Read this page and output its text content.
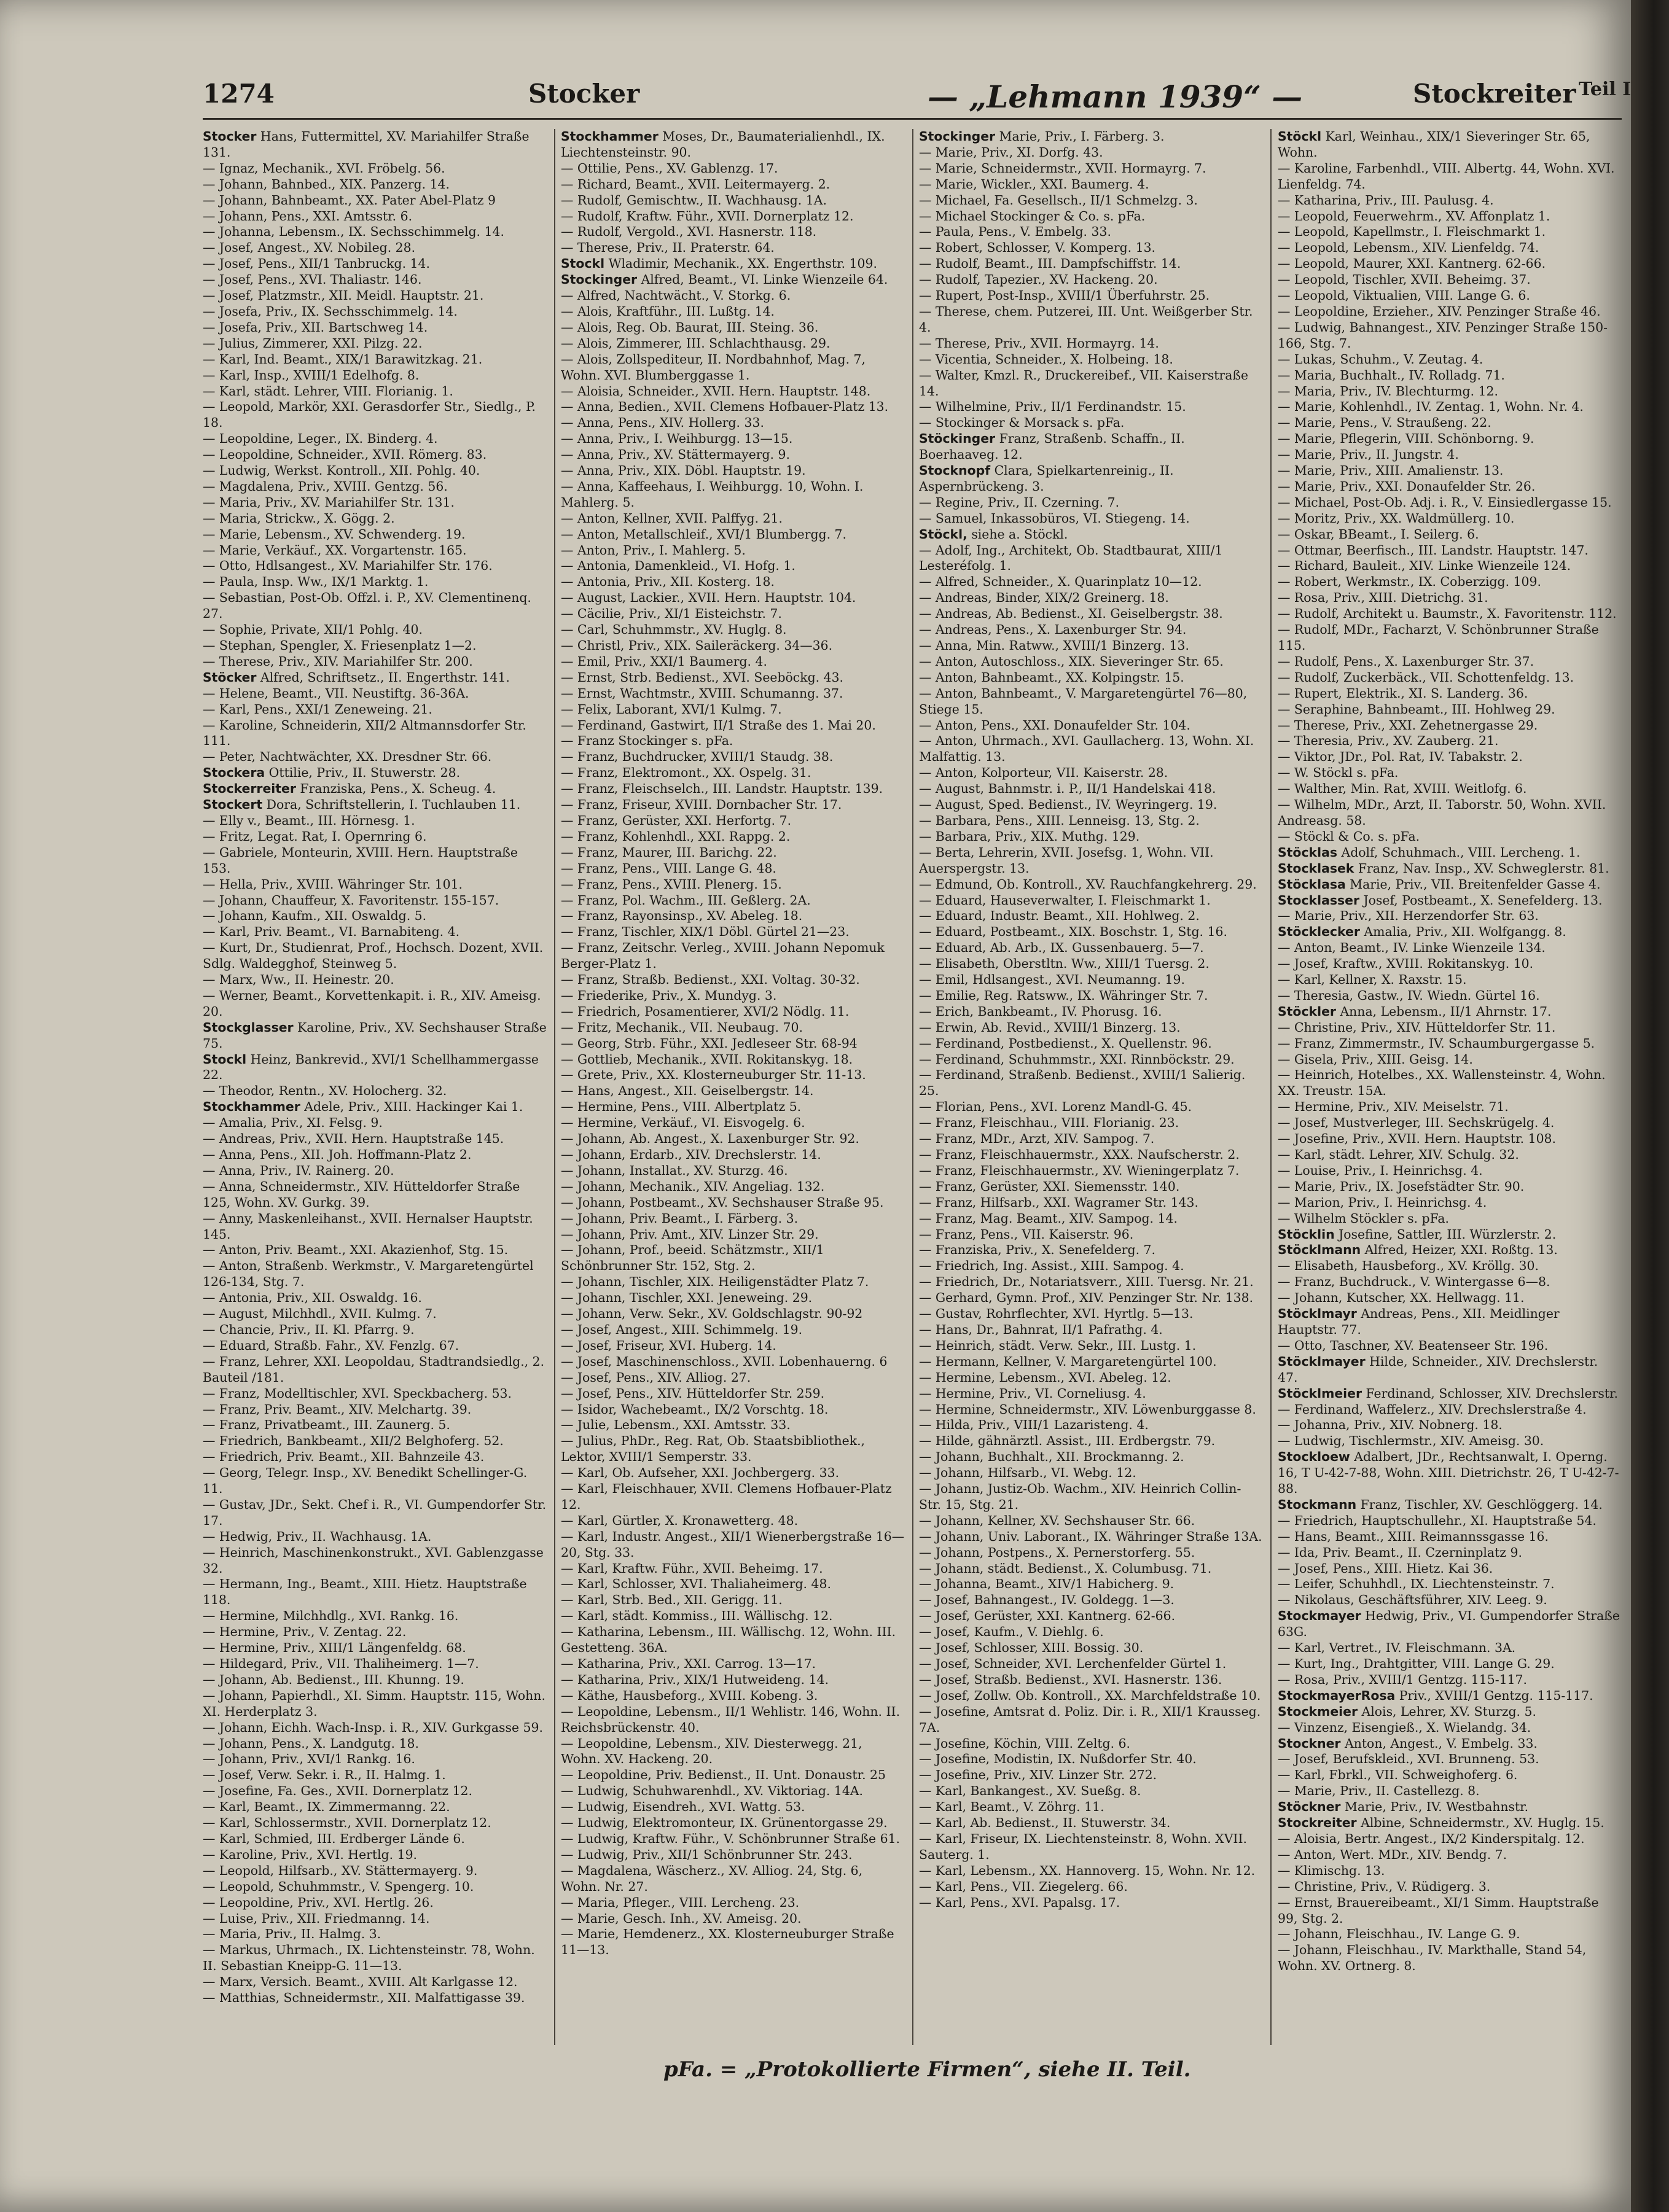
1274	Stocker	— „Lehmann 1939“ —	Stockreiter Teil I

Stocker Hans, Futtermittel, XV. Mariahilfer Straße 131.

— Ignaz, Mechanik., XVI. Fröbelg. 56.

— Johann, Bahnbed., XIX. Panzerg. 14.

— Johann, Bahnbeamt., XX. Pater Abel-Platz 9

— Johann, Pens., XXI. Amtsstr. 6.

— Johanna, Lebensm., IX. Sechsschimmelg. 14.

— Josef, Angest., XV. Nobileg. 28.

— Josef, Pens., XII/1 Tanbruckg. 14.

— Josef, Pens., XVI. Thaliastr. 146.

— Josef, Platzmstr., XII. Meidl. Hauptstr. 21.

— Josefa, Priv., IX. Sechsschimmelg. 14.

— Josefa, Priv., XII. Bartschweg 14.

— Julius, Zimmerer, XXI. Pilzg. 22.

— Karl, Ind. Beamt., XIX/1 Barawitzkag. 21.

— Karl, Insp., XVIII/1 Edelhofg. 8.

— Karl, städt. Lehrer, VIII. Florianig. 1.

— Leopold, Markör, XXI. Gerasdorfer Str., Siedlg., P. 18.

— Leopoldine, Leger., IX. Binderg. 4.

— Leopoldine, Schneider., XVII. Römerg. 83.

— Ludwig, Werkst. Kontroll., XII. Pohlg. 40.

— Magdalena, Priv., XVIII. Gentzg. 56.

— Maria, Priv., XV. Mariahilfer Str. 131.

— Maria, Strickw., X. Gögg. 2.

— Marie, Lebensm., XV. Schwenderg. 19.

— Marie, Verkäuf., XX. Vorgartenstr. 165.

— Otto, Hdlsangest., XV. Mariahilfer Str. 176.

— Paula, Insp. Ww., IX/1 Marktg. 1.

— Sebastian, Post-Ob. Offzl. i. P., XV. Clementinenq. 27.

— Sophie, Private, XII/1 Pohlg. 40.

— Stephan, Spengler, X. Friesenplatz 1—2.

— Therese, Priv., XIV. Mariahilfer Str. 200.

Stöcker Alfred, Schriftsetz., II. Engerthstr. 141.

— Helene, Beamt., VII. Neustiftg. 36-36A.

— Karl, Pens., XXI/1 Zeneweing. 21.

— Karoline, Schneiderin, XII/2 Altmannsdorfer Str. 111.

— Peter, Nachtwächter, XX. Dresdner Str. 66.

Stockera Ottilie, Priv., II. Stuwerstr. 28.

Stockerreiter Franziska, Pens., X. Scheug. 4.

Stockert Dora, Schriftstellerin, I. Tuchlauben 11.

— Elly v., Beamt., III. Hörnesg. 1.

— Fritz, Legat. Rat, I. Opernring 6.

— Gabriele, Monteurin, XVIII. Hern. Hauptstraße 153.

— Hella, Priv., XVIII. Währinger Str. 101.

— Johann, Chauffeur, X. Favoritenstr. 155-157.

— Johann, Kaufm., XII. Oswaldg. 5.

— Karl, Priv. Beamt., VI. Barnabiteng. 4.

— Kurt, Dr., Studienrat, Prof., Hochsch. Dozent, XVII. Sdlg. Waldegghof, Steinweg 5.

— Marx, Ww., II. Heinestr. 20.

— Werner, Beamt., Korvettenkapit. i. R., XIV. Ameisg. 20.

Stockglasser Karoline, Priv., XV. Sechshauser Straße 75.

Stockl Heinz, Bankrevid., XVI/1 Schellhammergasse 22.

— Theodor, Rentn., XV. Holocherg. 32.

Stockhammer Adele, Priv., XIII. Hackinger Kai 1.

— Amalia, Priv., XI. Felsg. 9.

— Andreas, Priv., XVII. Hern. Hauptstraße 145.

— Anna, Pens., XII. Joh. Hoffmann-Platz 2.

— Anna, Priv., IV. Rainerg. 20.

— Anna, Schneidermstr., XIV. Hütteldorfer Straße 125, Wohn. XV. Gurkg. 39.

— Anny, Maskenleihanst., XVII. Hernalser Hauptstr. 145.

— Anton, Priv. Beamt., XXI. Akazienhof, Stg. 15.

— Anton, Straßenb. Werkmstr., V. Margaretengürtel 126-134, Stg. 7.

— Antonia, Priv., XII. Oswaldg. 16.

— August, Milchhdl., XVII. Kulmg. 7.

— Chancie, Priv., II. Kl. Pfarrg. 9.

— Eduard, Straßb. Fahr., XV. Fenzlg. 67.

— Franz, Lehrer, XXI. Leopoldau, Stadtrandsiedlg., 2. Bauteil /181.

— Franz, Modelltischler, XVI. Speckbacherg. 53.

— Franz, Priv. Beamt., XIV. Melchartg. 39.

— Franz, Privatbeamt., III. Zaunerg. 5.

— Friedrich, Bankbeamt., XII/2 Belghoferg. 52.

— Friedrich, Priv. Beamt., XII. Bahnzeile 43.

— Georg, Telegr. Insp., XV. Benedikt Schellinger-G. 11.

— Gustav, JDr., Sekt. Chef i. R., VI. Gumpendorfer Str. 17.

— Hedwig, Priv., II. Wachhausg. 1A.

— Heinrich, Maschinenkonstrukt., XVI. Gablenzgasse 32.

— Hermann, Ing., Beamt., XIII. Hietz. Hauptstraße 118.

— Hermine, Milchhdlg., XVI. Rankg. 16.

— Hermine, Priv., V. Zentag. 22.

— Hermine, Priv., XIII/1 Längenfeldg. 68.

— Hildegard, Priv., VII. Thaliheimerg. 1—7.

— Johann, Ab. Bedienst., III. Khunng. 19.

— Johann, Papierhdl., XI. Simm. Hauptstr. 115, Wohn. XI. Herderplatz 3.

— Johann, Eichh. Wach-Insp. i. R., XIV. Gurkgasse 59.

— Johann, Pens., X. Landgutg. 18.

— Johann, Priv., XVI/1 Rankg. 16.

— Josef, Verw. Sekr. i. R., II. Halmg. 1.

— Josefine, Fa. Ges., XVII. Dornerplatz 12.

— Karl, Beamt., IX. Zimmermanng. 22.

— Karl, Schlossermstr., XVII. Dornerplatz 12.

— Karl, Schmied, III. Erdberger Lände 6.

— Karoline, Priv., XVI. Hertlg. 19.

— Leopold, Hilfsarb., XV. Stättermayerg. 9.

— Leopold, Schuhmmstr., V. Spengerg. 10.

— Leopoldine, Priv., XVI. Hertlg. 26.

— Luise, Priv., XII. Friedmanng. 14.

— Maria, Priv., II. Halmg. 3.

— Markus, Uhrmach., IX. Lichtensteinstr. 78, Wohn. II. Sebastian Kneipp-G. 11—13.

— Marx, Versich. Beamt., XVIII. Alt Karlgasse 12.

— Matthias, Schneidermstr., XII. Malfattigasse 39.

Stockhammer Moses, Dr., Baumaterialienhdl., IX. Liechtensteinstr. 90.

— Ottilie, Pens., XV. Gablenzg. 17.

— Richard, Beamt., XVII. Leitermayerg. 2.

— Rudolf, Gemischtw., II. Wachhausg. 1A.

— Rudolf, Kraftw. Führ., XVII. Dornerplatz 12.

— Rudolf, Vergold., XVI. Hasnerstr. 118.

— Therese, Priv., II. Praterstr. 64.

Stockl Wladimir, Mechanik., XX. Engerthstr. 109.

Stockinger Alfred, Beamt., VI. Linke Wienzeile 64.

— Alfred, Nachtwächt., V. Storkg. 6.

— Alois, Kraftführ., III. Lußtg. 14.

— Alois, Reg. Ob. Baurat, III. Steing. 36.

— Alois, Zimmerer, III. Schlachthausg. 29.

— Alois, Zollspediteur, II. Nordbahnhof, Mag. 7, Wohn. XVI. Blumberggasse 1.

— Aloisia, Schneider., XVII. Hern. Hauptstr. 148.

— Anna, Bedien., XVII. Clemens Hofbauer-Platz 13.

— Anna, Pens., XIV. Hollerg. 33.

— Anna, Priv., I. Weihburgg. 13—15.

— Anna, Priv., XV. Stättermayerg. 9.

— Anna, Priv., XIX. Döbl. Hauptstr. 19.

— Anna, Kaffeehaus, I. Weihburgg. 10, Wohn. I. Mahlerg. 5.

— Anton, Kellner, XVII. Palffyg. 21.

— Anton, Metallschleif., XVI/1 Blumbergg. 7.

— Anton, Priv., I. Mahlerg. 5.

— Antonia, Damenkleid., VI. Hofg. 1.

— Antonia, Priv., XII. Kosterg. 18.

— August, Lackier., XVII. Hern. Hauptstr. 104.

— Cäcilie, Priv., XI/1 Eisteichstr. 7.

— Carl, Schuhmmstr., XV. Huglg. 8.

— Christl, Priv., XIX. Saileräckerg. 34—36.

— Emil, Priv., XXI/1 Baumerg. 4.

— Ernst, Strb. Bedienst., XVI. Seeböckg. 43.

— Ernst, Wachtmstr., XVIII. Schumanng. 37.

— Felix, Laborant, XVI/1 Kulmg. 7.

— Ferdinand, Gastwirt, II/1 Straße des 1. Mai 20.

— Franz Stockinger s. pFa.

— Franz, Buchdrucker, XVIII/1 Staudg. 38.

— Franz, Elektromont., XX. Ospelg. 31.

— Franz, Fleischselch., III. Landstr. Hauptstr. 139.

— Franz, Friseur, XVIII. Dornbacher Str. 17.

— Franz, Gerüster, XXI. Herfortg. 7.

— Franz, Kohlenhdl., XXI. Rappg. 2.

— Franz, Maurer, III. Barichg. 22.

— Franz, Pens., VIII. Lange G. 48.

— Franz, Pens., XVIII. Plenerg. 15.

— Franz, Pol. Wachm., III. Geßlerg. 2A.

— Franz, Rayonsinsp., XV. Abeleg. 18.

— Franz, Tischler, XIX/1 Döbl. Gürtel 21—23.

— Franz, Zeitschr. Verleg., XVIII. Johann Nepomuk Berger-Platz 1.

— Franz, Straßb. Bedienst., XXI. Voltag. 30-32.

— Friederike, Priv., X. Mundyg. 3.

— Friedrich, Posamentierer, XVI/2 Nödlg. 11.

— Fritz, Mechanik., VII. Neubaug. 70.

— Georg, Strb. Führ., XXI. Jedleseer Str. 68-94

— Gottlieb, Mechanik., XVII. Rokitanskyg. 18.

— Grete, Priv., XX. Klosterneuburger Str. 11-13.

— Hans, Angest., XII. Geiselbergstr. 14.

— Hermine, Pens., VIII. Albertplatz 5.

— Hermine, Verkäuf., VI. Eisvogelg. 6.

— Johann, Ab. Angest., X. Laxenburger Str. 92.

— Johann, Erdarb., XIV. Drechslerstr. 14.

— Johann, Installat., XV. Sturzg. 46.

— Johann, Mechanik., XIV. Angeliag. 132.

— Johann, Postbeamt., XV. Sechshauser Straße 95.

— Johann, Priv. Beamt., I. Färberg. 3.

— Johann, Priv. Amt., XIV. Linzer Str. 29.

— Johann, Prof., beeid. Schätzmstr., XII/1 Schönbrunner Str. 152, Stg. 2.

— Johann, Tischler, XIX. Heiligenstädter Platz 7.

— Johann, Tischler, XXI. Jeneweing. 29.

— Johann, Verw. Sekr., XV. Goldschlagstr. 90-92

— Josef, Angest., XIII. Schimmelg. 19.

— Josef, Friseur, XVI. Huberg. 14.

— Josef, Maschinenschloss., XVII. Lobenhauerng. 6

— Josef, Pens., XIV. Alliog. 27.

— Josef, Pens., XIV. Hütteldorfer Str. 259.

— Isidor, Wachebeamt., IX/2 Vorschtg. 18.

— Julie, Lebensm., XXI. Amtsstr. 33.

— Julius, PhDr., Reg. Rat, Ob. Staatsbibliothek., Lektor, XVIII/1 Semperstr. 33.

— Karl, Ob. Aufseher, XXI. Jochbergerg. 33.

— Karl, Fleischhauer, XVII. Clemens Hofbauer-Platz 12.

— Karl, Gürtler, X. Kronawetterg. 48.

— Karl, Industr. Angest., XII/1 Wienerbergstraße 16—20, Stg. 33.

— Karl, Kraftw. Führ., XVII. Beheimg. 17.

— Karl, Schlosser, XVI. Thaliaheimerg. 48.

— Karl, Strb. Bed., XII. Gerigg. 11.

— Karl, städt. Kommiss., III. Wällischg. 12.

— Katharina, Lebensm., III. Wällischg. 12, Wohn. III. Gestetteng. 36A.

— Katharina, Priv., XXI. Carrog. 13—17.

— Katharina, Priv., XIX/1 Hutweideng. 14.

— Käthe, Hausbeforg., XVIII. Kobeng. 3.

— Leopoldine, Lebensm., II/1 Wehlistr. 146, Wohn. II. Reichsbrückenstr. 40.

— Leopoldine, Lebensm., XIV. Diesterwegg. 21, Wohn. XV. Hackeng. 20.

— Leopoldine, Priv. Bedienst., II. Unt. Donaustr. 25

— Ludwig, Schuhwarenhdl., XV. Viktoriag. 14A.

— Ludwig, Eisendreh., XVI. Wattg. 53.

— Ludwig, Elektromonteur, IX. Grünentorgasse 29.

— Ludwig, Kraftw. Führ., V. Schönbrunner Straße 61.

— Ludwig, Priv., XII/1 Schönbrunner Str. 243.

— Magdalena, Wäscherz., XV. Alliog. 24, Stg. 6, Wohn. Nr. 27.

— Maria, Pfleger., VIII. Lercheng. 23.

— Marie, Gesch. Inh., XV. Ameisg. 20.

— Marie, Hemdenerz., XX. Klosterneuburger Straße 11—13.

Stockinger Marie, Priv., I. Färberg. 3.

— Marie, Priv., XI. Dorfg. 43.

— Marie, Schneidermstr., XVII. Hormayrg. 7.

— Marie, Wickler., XXI. Baumerg. 4.

— Michael, Fa. Gesellsch., II/1 Schmelzg. 3.

— Michael Stockinger & Co. s. pFa.

— Paula, Pens., V. Embelg. 33.

— Robert, Schlosser, V. Komperg. 13.

— Rudolf, Beamt., III. Dampfschiffstr. 14.

— Rudolf, Tapezier., XV. Hackeng. 20.

— Rupert, Post-Insp., XVIII/1 Überfuhrstr. 25.

— Therese, chem. Putzerei, III. Unt. Weißgerber Str. 4.

— Therese, Priv., XVII. Hormayrg. 14.

— Vicentia, Schneider., X. Holbeing. 18.

— Walter, Kmzl. R., Druckereibef., VII. Kaiserstraße 14.

— Wilhelmine, Priv., II/1 Ferdinandstr. 15.

— Stockinger & Morsack s. pFa.

Stöckinger Franz, Straßenb. Schaffn., II. Boerhaaveg. 12.

Stocknopf Clara, Spielkartenreinig., II. Aspernbrückeng. 3.

— Regine, Priv., II. Czerning. 7.

— Samuel, Inkassobüros, VI. Stiegeng. 14.

Stöckl, siehe a. Stöckl.

— Adolf, Ing., Architekt, Ob. Stadtbaurat, XIII/1 Lesteréfolg. 1.

— Alfred, Schneider., X. Quarinplatz 10—12.

— Andreas, Binder, XIX/2 Greinerg. 18.

— Andreas, Ab. Bedienst., XI. Geiselbergstr. 38.

— Andreas, Pens., X. Laxenburger Str. 94.

— Anna, Min. Ratww., XVIII/1 Binzerg. 13.

— Anton, Autoschloss., XIX. Sieveringer Str. 65.

— Anton, Bahnbeamt., XX. Kolpingstr. 15.

— Anton, Bahnbeamt., V. Margaretengürtel 76—80, Stiege 15.

— Anton, Pens., XXI. Donaufelder Str. 104.

— Anton, Uhrmach., XVI. Gaullacherg. 13, Wohn. XI. Malfattig. 13.

— Anton, Kolporteur, VII. Kaiserstr. 28.

— August, Bahnmstr. i. P., II/1 Handelskai 418.

— August, Sped. Bedienst., IV. Weyringerg. 19.

— Barbara, Pens., XIII. Lenneisg. 13, Stg. 2.

— Barbara, Priv., XIX. Muthg. 129.

— Berta, Lehrerin, XVII. Josefsg. 1, Wohn. VII. Auerspergstr. 13.

— Edmund, Ob. Kontroll., XV. Rauchfangkehrerg. 29.

— Eduard, Hauseverwalter, I. Fleischmarkt 1.

— Eduard, Industr. Beamt., XII. Hohlweg. 2.

— Eduard, Postbeamt., XIX. Boschstr. 1, Stg. 16.

— Eduard, Ab. Arb., IX. Gussenbauerg. 5—7.

— Elisabeth, Oberstltn. Ww., XIII/1 Tuersg. 2.

— Emil, Hdlsangest., XVI. Neumanng. 19.

— Emilie, Reg. Ratsww., IX. Währinger Str. 7.

— Erich, Bankbeamt., IV. Phorusg. 16.

— Erwin, Ab. Revid., XVIII/1 Binzerg. 13.

— Ferdinand, Postbedienst., X. Quellenstr. 96.

— Ferdinand, Schuhmmstr., XXI. Rinnböckstr. 29.

— Ferdinand, Straßenb. Bedienst., XVIII/1 Salierig. 25.

— Florian, Pens., XVI. Lorenz Mandl-G. 45.

— Franz, Fleischhau., VIII. Florianig. 23.

— Franz, MDr., Arzt, XIV. Sampog. 7.

— Franz, Fleischhauermstr., XXX. Naufscherstr. 2.

— Franz, Fleischhauermstr., XV. Wieningerplatz 7.

— Franz, Gerüster, XXI. Siemensstr. 140.

— Franz, Hilfsarb., XXI. Wagramer Str. 143.

— Franz, Mag. Beamt., XIV. Sampog. 14.

— Franz, Pens., VII. Kaiserstr. 96.

— Franziska, Priv., X. Senefelderg. 7.

— Friedrich, Ing. Assist., XIII. Sampog. 4.

— Friedrich, Dr., Notariatsverr., XIII. Tuersg. Nr. 21.

— Gerhard, Gymn. Prof., XIV. Penzinger Str. Nr. 138.

— Gustav, Rohrflechter, XVI. Hyrtlg. 5—13.

— Hans, Dr., Bahnrat, II/1 Pafrathg. 4.

— Heinrich, städt. Verw. Sekr., III. Lustg. 1.

— Hermann, Kellner, V. Margaretengürtel 100.

— Hermine, Lebensm., XVI. Abeleg. 12.

— Hermine, Priv., VI. Corneliusg. 4.

— Hermine, Schneidermstr., XIV. Löwenburggasse 8.

— Hilda, Priv., VIII/1 Lazaristeng. 4.

— Hilde, gähnärztl. Assist., III. Erdbergstr. 79.

— Johann, Buchhalt., XII. Brockmanng. 2.

— Johann, Hilfsarb., VI. Webg. 12.

— Johann, Justiz-Ob. Wachm., XIV. Heinrich Collin-Str. 15, Stg. 21.

— Johann, Kellner, XV. Sechshauser Str. 66.

— Johann, Univ. Laborant., IX. Währinger Straße 13A.

— Johann, Postpens., X. Pernerstorferg. 55.

— Johann, städt. Bedienst., X. Columbusg. 71.

— Johanna, Beamt., XIV/1 Habicherg. 9.

— Josef, Bahnangest., IV. Goldegg. 1—3.

— Josef, Gerüster, XXI. Kantnerg. 62-66.

— Josef, Kaufm., V. Diehlg. 6.

— Josef, Schlosser, XIII. Bossig. 30.

— Josef, Schneider, XVI. Lerchenfelder Gürtel 1.

— Josef, Straßb. Bedienst., XVI. Hasnerstr. 136.

— Josef, Zollw. Ob. Kontroll., XX. Marchfeldstraße 10.

— Josefine, Amtsrat d. Poliz. Dir. i. R., XII/1 Krausseg. 7A.

— Josefine, Köchin, VIII. Zeltg. 6.

— Josefine, Modistin, IX. Nußdorfer Str. 40.

— Josefine, Priv., XIV. Linzer Str. 272.

— Karl, Bankangest., XV. Sueßg. 8.

— Karl, Beamt., V. Zöhrg. 11.

— Karl, Ab. Bedienst., II. Stuwerstr. 34.

— Karl, Friseur, IX. Liechtensteinstr. 8, Wohn. XVII. Sauterg. 1.

— Karl, Lebensm., XX. Hannoverg. 15, Wohn. Nr. 12.

— Karl, Pens., VII. Ziegelerg. 66.

— Karl, Pens., XVI. Papalsg. 17.

Stöckl Karl, Weinhau., XIX/1 Sieveringer Str. 65, Wohn.

— Karoline, Farbenhdl., VIII. Albertg. 44, Wohn. XVI. Lienfeldg. 74.

— Katharina, Priv., III. Paulusg. 4.

— Leopold, Feuerwehrm., XV. Affonplatz 1.

— Leopold, Kapellmstr., I. Fleischmarkt 1.

— Leopold, Lebensm., XIV. Lienfeldg. 74.

— Leopold, Maurer, XXI. Kantnerg. 62-66.

— Leopold, Tischler, XVII. Beheimg. 37.

— Leopold, Viktualien, VIII. Lange G. 6.

— Leopoldine, Erzieher., XIV. Penzinger Straße 46.

— Ludwig, Bahnangest., XIV. Penzinger Straße 150-166, Stg. 7.

— Lukas, Schuhm., V. Zeutag. 4.

— Maria, Buchhalt., IV. Rolladg. 71.

— Maria, Priv., IV. Blechturmg. 12.

— Marie, Kohlenhdl., IV. Zentag. 1, Wohn. Nr. 4.

— Marie, Pens., V. Straußeng. 22.

— Marie, Pflegerin, VIII. Schönborng. 9.

— Marie, Priv., II. Jungstr. 4.

— Marie, Priv., XIII. Amalienstr. 13.

— Marie, Priv., XXI. Donaufelder Str. 26.

— Michael, Post-Ob. Adj. i. R., V. Einsiedlergasse 15.

— Moritz, Priv., XX. Waldmüllerg. 10.

— Oskar, BBeamt., I. Seilerg. 6.

— Ottmar, Beerfisch., III. Landstr. Hauptstr. 147.

— Richard, Bauleit., XIV. Linke Wienzeile 124.

— Robert, Werkmstr., IX. Coberzigg. 109.

— Rosa, Priv., XIII. Dietrichg. 31.

— Rudolf, Architekt u. Baumstr., X. Favoritenstr. 112.

— Rudolf, MDr., Facharzt, V. Schönbrunner Straße 115.

— Rudolf, Pens., X. Laxenburger Str. 37.

— Rudolf, Zuckerbäck., VII. Schottenfeldg. 13.

— Rupert, Elektrik., XI. S. Landerg. 36.

— Seraphine, Bahnbeamt., III. Hohlweg 29.

— Therese, Priv., XXI. Zehetnergasse 29.

— Theresia, Priv., XV. Zauberg. 21.

— Viktor, JDr., Pol. Rat, IV. Tabakstr. 2.

— W. Stöckl s. pFa.

— Walther, Min. Rat, XVIII. Weitlofg. 6.

— Wilhelm, MDr., Arzt, II. Taborstr. 50, Wohn. XVII. Andreasg. 58.

— Stöckl & Co. s. pFa.

Stöcklas Adolf, Schuhmach., VIII. Lercheng. 1.

Stocklasek Franz, Nav. Insp., XV. Schweglerstr. 81.

Stöcklasa Marie, Priv., VII. Breitenfelder Gasse 4.

Stocklasser Josef, Postbeamt., X. Senefelderg. 13.

— Marie, Priv., XII. Herzendorfer Str. 63.

Stöcklecker Amalia, Priv., XII. Wolfgangg. 8.

— Anton, Beamt., IV. Linke Wienzeile 134.

— Josef, Kraftw., XVIII. Rokitanskyg. 10.

— Karl, Kellner, X. Raxstr. 15.

— Theresia, Gastw., IV. Wiedn. Gürtel 16.

Stöckler Anna, Lebensm., II/1 Ahrnstr. 17.

— Christine, Priv., XIV. Hütteldorfer Str. 11.

— Franz, Zimmermstr., IV. Schaumburgergasse 5.

— Gisela, Priv., XIII. Geisg. 14.

— Heinrich, Hotelbes., XX. Wallensteinstr. 4, Wohn. XX. Treustr. 15A.

— Hermine, Priv., XIV. Meiselstr. 71.

— Josef, Mustverleger, III. Sechskrügelg. 4.

— Josefine, Priv., XVII. Hern. Hauptstr. 108.

— Karl, städt. Lehrer, XIV. Schulg. 32.

— Louise, Priv., I. Heinrichsg. 4.

— Marie, Priv., IX. Josefstädter Str. 90.

— Marion, Priv., I. Heinrichsg. 4.

— Wilhelm Stöckler s. pFa.

Stöcklin Josefine, Sattler, III. Würzlerstr. 2.

Stöcklmann Alfred, Heizer, XXI. Roßtg. 13.

— Elisabeth, Hausbeforg., XV. Kröllg. 30.

— Franz, Buchdruck., V. Wintergasse 6—8.

— Johann, Kutscher, XX. Hellwagg. 11.

Stöcklmayr Andreas, Pens., XII. Meidlinger Hauptstr. 77.

— Otto, Taschner, XV. Beatenseer Str. 196.

Stöcklmayer Hilde, Schneider., XIV. Drechslerstr. 47.

Stöcklmeier Ferdinand, Schlosser, XIV. Drechslerstr.

— Ferdinand, Waffelerz., XIV. Drechslerstraße 4.

— Johanna, Priv., XIV. Nobnerg. 18.

— Ludwig, Tischlermstr., XIV. Ameisg. 30.

Stockloew Adalbert, JDr., Rechtsanwalt, I. Operng. 16, T U-42-7-88, Wohn. XIII. Dietrichstr. 26, T U-42-7-88.

Stockmann Franz, Tischler, XV. Geschlöggerg. 14.

— Friedrich, Hauptschullehr., XI. Hauptstraße 54.

— Hans, Beamt., XIII. Reimannssgasse 16.

— Ida, Priv. Beamt., II. Czerninplatz 9.

— Josef, Pens., XIII. Hietz. Kai 36.

— Leifer, Schuhhdl., IX. Liechtensteinstr. 7.

— Nikolaus, Geschäftsführer, XIV. Leeg. 9.

Stockmayer Hedwig, Priv., VI. Gumpendorfer Straße 63G.

— Karl, Vertret., IV. Fleischmann. 3A.

— Kurt, Ing., Drahtgitter, VIII. Lange G. 29.

— Rosa, Priv., XVIII/1 Gentzg. 115-117.

StockmayerRosa Priv., XVIII/1 Gentzg. 115-117.

Stockmeier Alois, Lehrer, XV. Sturzg. 5.

— Vinzenz, Eisengieß., X. Wielandg. 34.

Stockner Anton, Angest., V. Embelg. 33.

— Josef, Berufskleid., XVI. Brunneng. 53.

— Karl, Fbrkl., VII. Schweighoferg. 6.

— Marie, Priv., II. Castellezg. 8.

Stöckner Marie, Priv., IV. Westbahnstr.

Stockreiter Albine, Schneidermstr., XV. Huglg. 15.

— Aloisia, Bertr. Angest., IX/2 Kinderspitalg. 12.

— Anton, Wert. MDr., XIV. Bendg. 7.

— Klimischg. 13.

— Christine, Priv., V. Rüdigerg. 3.

— Ernst, Brauereibeamt., XI/1 Simm. Hauptstraße 99, Stg. 2.

— Johann, Fleischhau., IV. Lange G. 9.

— Johann, Fleischhau., IV. Markthalle, Stand 54, Wohn. XV. Ortnerg. 8.

pFa. = „Protokollierte Firmen“, siehe II. Teil.
